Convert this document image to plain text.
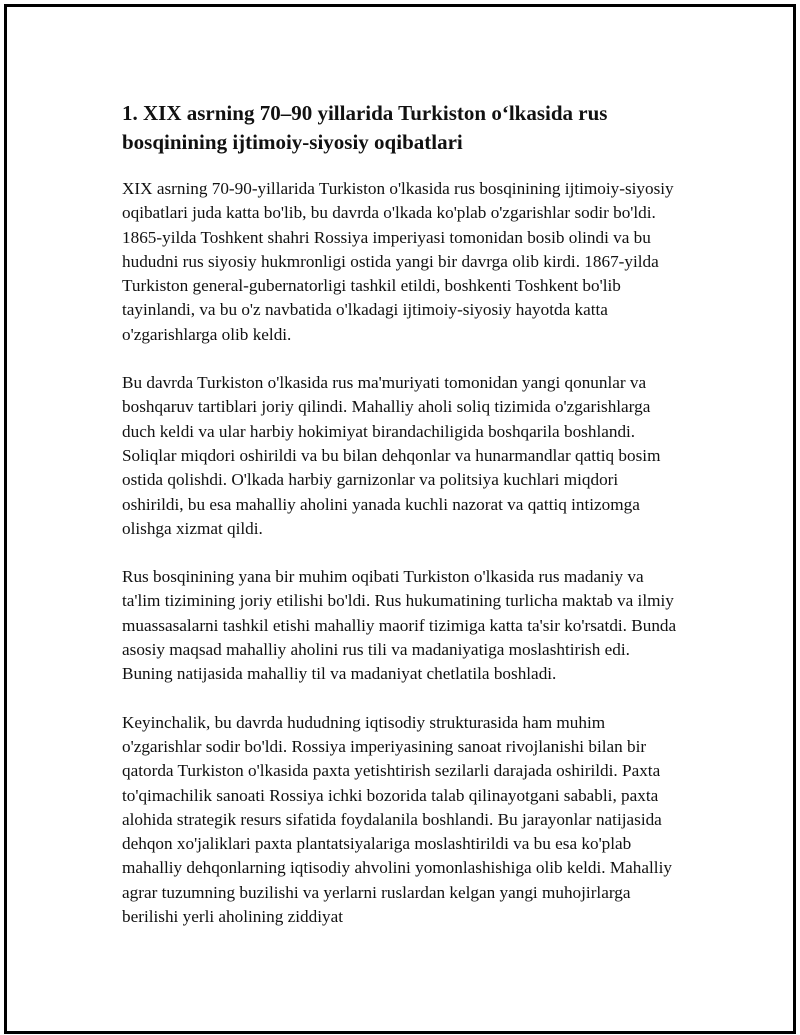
1. XIX asrning 70–90 yillarida Turkiston o‘lkasida rus bosqinining ijtimoiy-siyosiy oqibatlari

XIX asrning 70-90-yillarida Turkiston o'lkasida rus bosqinining ijtimoiy-siyosiy oqibatlari juda katta bo'lib, bu davrda o'lkada ko'plab o'zgarishlar sodir bo'ldi. 1865-yilda Toshkent shahri Rossiya imperiyasi tomonidan bosib olindi va bu hududni rus siyosiy hukmronligi ostida yangi bir davrga olib kirdi. 1867-yilda Turkiston general-gubernatorligi tashkil etildi, boshkenti Toshkent bo'lib tayinlandi, va bu o'z navbatida o'lkadagi ijtimoiy-siyosiy hayotda katta o'zgarishlarga olib keldi.

Bu davrda Turkiston o'lkasida rus ma'muriyati tomonidan yangi qonunlar va boshqaruv tartiblari joriy qilindi. Mahalliy aholi soliq tizimida o'zgarishlarga duch keldi va ular harbiy hokimiyat birandachiligida boshqarila boshlandi. Soliqlar miqdori oshirildi va bu bilan dehqonlar va hunarmandlar qattiq bosim ostida qolishdi. O'lkada harbiy garnizonlar va politsiya kuchlari miqdori oshirildi, bu esa mahalliy aholini yanada kuchli nazorat va qattiq intizomga olishga xizmat qildi.

Rus bosqinining yana bir muhim oqibati Turkiston o'lkasida rus madaniy va ta'lim tizimining joriy etilishi bo'ldi. Rus hukumatining turlicha maktab va ilmiy muassasalarni tashkil etishi mahalliy maorif tizimiga katta ta'sir ko'rsatdi. Bunda asosiy maqsad mahalliy aholini rus tili va madaniyatiga moslashtirish edi. Buning natijasida mahalliy til va madaniyat chetlatila boshladi.

Keyinchalik, bu davrda hududning iqtisodiy strukturasida ham muhim o'zgarishlar sodir bo'ldi. Rossiya imperiyasining sanoat rivojlanishi bilan bir qatorda Turkiston o'lkasida paxta yetishtirish sezilarli darajada oshirildi. Paxta to'qimachilik sanoati Rossiya ichki bozorida talab qilinayotgani sababli, paxta alohida strategik resurs sifatida foydalanila boshlandi. Bu jarayonlar natijasida dehqon xo'jaliklari paxta plantatsiyalariga moslashtirildi va bu esa ko'plab mahalliy dehqonlarning iqtisodiy ahvolini yomonlashishiga olib keldi. Mahalliy agrar tuzumning buzilishi va yerlarni ruslardan kelgan yangi muhojirlarga berilishi yerli aholining ziddiyat
